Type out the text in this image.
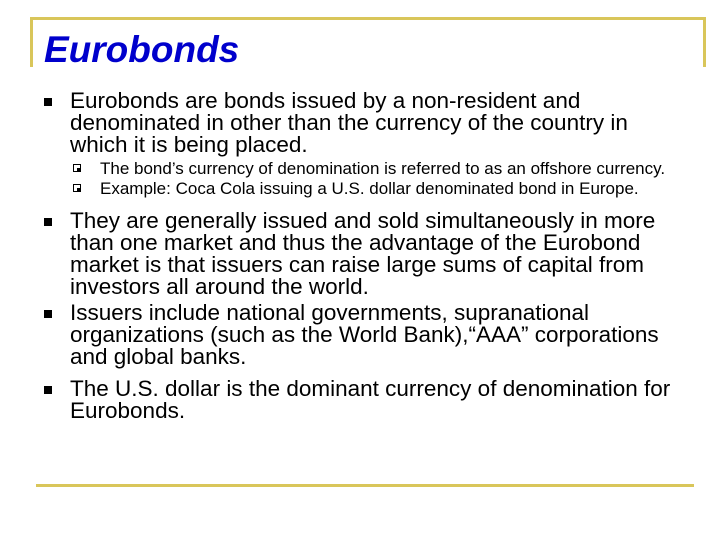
Eurobonds
Eurobonds are bonds issued by a non-resident and denominated in other than the currency of the country in which it is being placed.
The bond’s currency of denomination is referred to as an offshore currency.
Example: Coca Cola issuing a U.S. dollar denominated bond in Europe.
They are generally issued and sold simultaneously in more than one market and thus the advantage of the Eurobond market is that issuers can raise large sums of capital from investors all around the world.
Issuers include national governments, supranational organizations (such as the World Bank),“AAA” corporations and global banks.
The U.S. dollar is the dominant currency of denomination for Eurobonds.
